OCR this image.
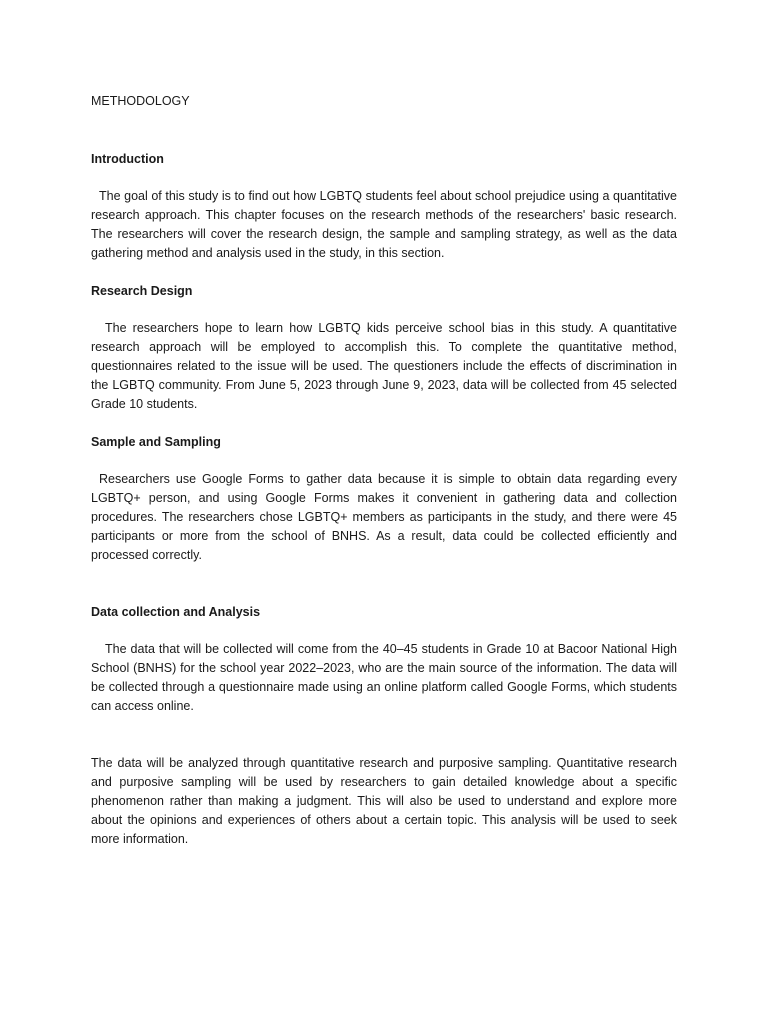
METHODOLOGY

Introduction

The goal of this study is to find out how LGBTQ students feel about school prejudice using a quantitative research approach. This chapter focuses on the research methods of the researchers' basic research. The researchers will cover the research design, the sample and sampling strategy, as well as the data gathering method and analysis used in the study, in this section.

Research Design

The researchers hope to learn how LGBTQ kids perceive school bias in this study. A quantitative research approach will be employed to accomplish this. To complete the quantitative method, questionnaires related to the issue will be used. The questioners include the effects of discrimination in the LGBTQ community. From June 5, 2023 through June 9, 2023, data will be collected from 45 selected Grade 10 students.

Sample and Sampling

Researchers use Google Forms to gather data because it is simple to obtain data regarding every LGBTQ+ person, and using Google Forms makes it convenient in gathering data and collection procedures. The researchers chose LGBTQ+ members as participants in the study, and there were 45 participants or more from the school of BNHS. As a result, data could be collected efficiently and processed correctly.

Data collection and Analysis

The data that will be collected will come from the 40–45 students in Grade 10 at Bacoor National High School (BNHS) for the school year 2022–2023, who are the main source of the information. The data will be collected through a questionnaire made using an online platform called Google Forms, which students can access online.

The data will be analyzed through quantitative research and purposive sampling. Quantitative research and purposive sampling will be used by researchers to gain detailed knowledge about a specific phenomenon rather than making a judgment. This will also be used to understand and explore more about the opinions and experiences of others about a certain topic. This analysis will be used to seek more information.
